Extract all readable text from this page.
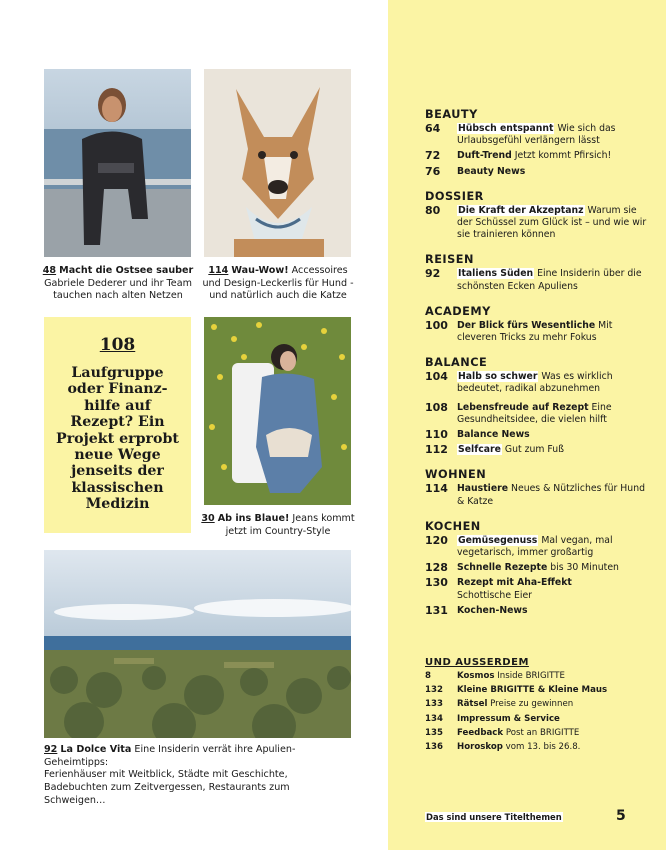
48 Macht die Ostsee sauber
Gabriele Dederer und ihr Team
tauchen nach alten Netzen
114 Wau-Wow! Accessoires
und Design-Leckerlis für Hund -
und natürlich auch die Katze
108
Laufgruppe oder Finanz-hilfe auf Rezept? Ein Projekt erprobt neue Wege jenseits der klassischen Medizin
30 Ab ins Blaue! Jeans kommt
jetzt im Country-Style
92 La Dolce Vita Eine Insiderin verrät ihre Apulien-Geheimtipps:
Ferienhäuser mit Weitblick, Städte mit Geschichte,
Badebuchten zum Zeitvergessen, Restaurants zum Schweigen…
BEAUTY
64	Hübsch entspannt Wie sich das Urlaubsgefühl verlängern lässt
72	Duft-Trend Jetzt kommt Pfirsich!
76	Beauty News
DOSSIER
80	Die Kraft der Akzeptanz Warum sie der Schüssel zum Glück ist – und wie wir sie trainieren können
REISEN
92	Italiens Süden Eine Insiderin über die schönsten Ecken Apuliens
ACADEMY
100 Der Blick fürs Wesentliche Mit cleveren Tricks zu mehr Fokus
BALANCE
104	Halb so schwer Was es wirklich bedeutet, radikal abzunehmen
108 Lebensfreude auf Rezept Eine Gesundheitsidee, die vielen hilft
110 Balance News
112	Selfcare Gut zum Fuß
WOHNEN
114 Haustiere Neues & Nützliches für Hund & Katze
KOCHEN
120	Gemüsegenuss Mal vegan, mal vegetarisch, immer großartig
128 Schnelle Rezepte bis 30 Minuten
130 Rezept mit Aha-Effekt
Schottische Eier
131 Kochen-News
UND AUSSERDEM
8	Kosmos Inside BRIGITTE
132	Kleine BRIGITTE & Kleine Maus
133	Rätsel Preise zu gewinnen
134	Impressum & Service
135	Feedback Post an BRIGITTE
136	Horoskop vom 13. bis 26.8.
Das sind unsere Titelthemen	5
